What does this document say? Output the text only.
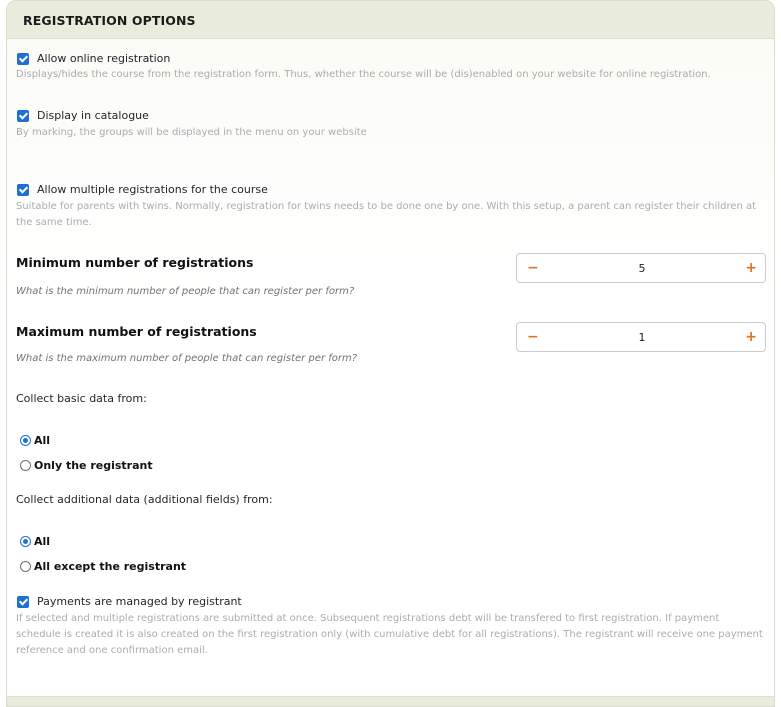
REGISTRATION OPTIONS
Allow online registration
Displays/hides the course from the registration form. Thus, whether the course will be (dis)enabled on your website for online registration.
Display in catalogue
By marking, the groups will be displayed in the menu on your website
Allow multiple registrations for the course
Suitable for parents with twins. Normally, registration for twins needs to be done one by one. With this setup, a parent can register their children at the same time.
Minimum number of registrations	−	5	+
What is the minimum number of people that can register per form?
Maximum number of registrations	−	1	+
What is the maximum number of people that can register per form?
Collect basic data from:
All
Only the registrant
Collect additional data (additional fields) from:
All
All except the registrant
Payments are managed by registrant
If selected and multiple registrations are submitted at once. Subsequent registrations debt will be transfered to first registration. If payment schedule is created it is also created on the first registration only (with cumulative debt for all registrations). The registrant will receive one payment reference and one confirmation email.
